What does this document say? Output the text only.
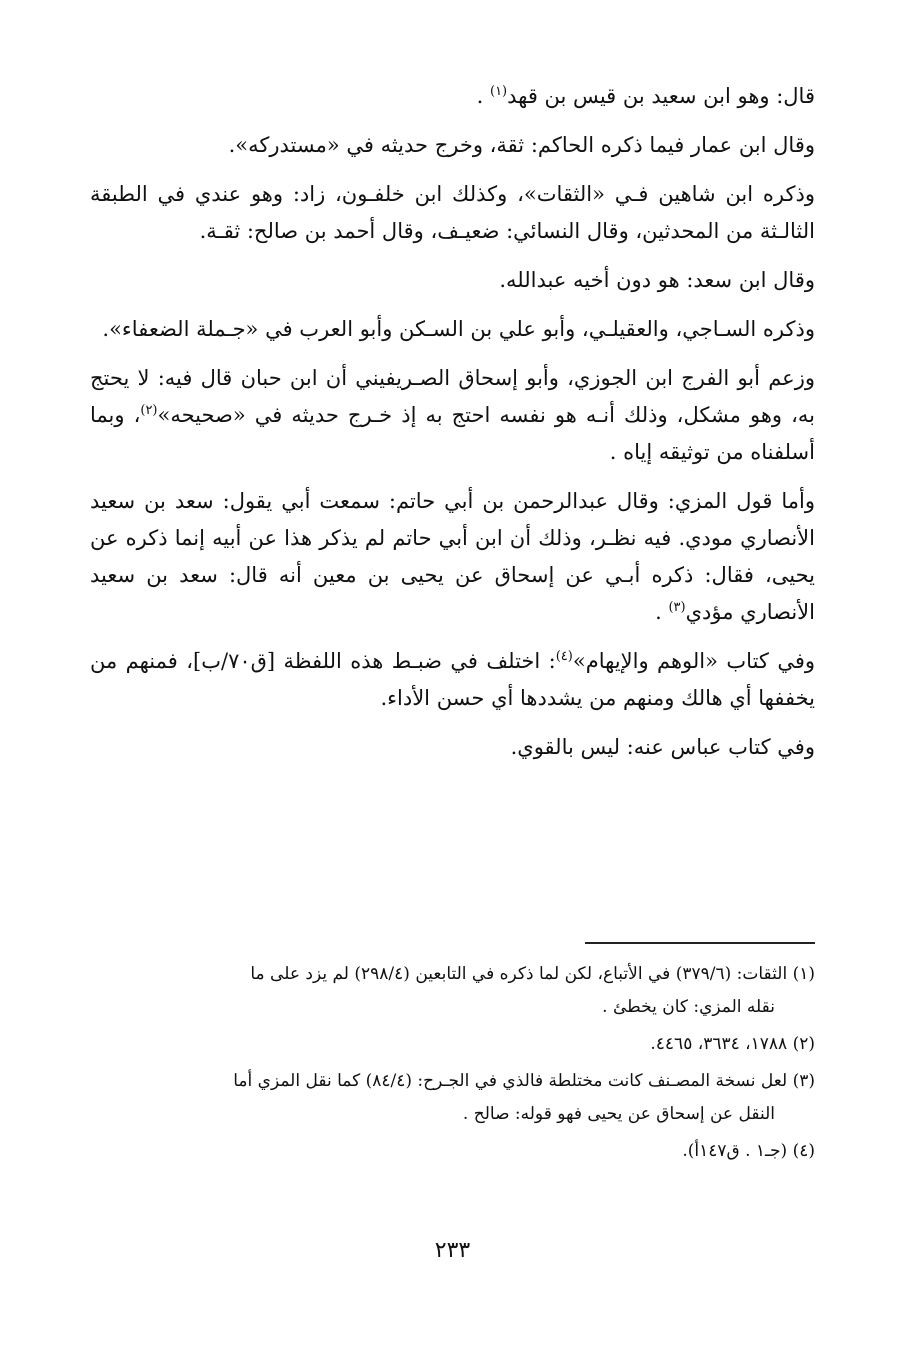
قال: وهو ابن سعيد بن قيس بن قهد$^{(١)}$ .

وقال ابن عمار فيما ذكره الحاكم: ثقة، وخرج حديثه في «مستدركه».

وذكره ابن شاهين فـي «الثقات»، وكذلك ابن خلفـون، زاد: وهو عندي في الطبقة الثالـثة من المحدثين، وقال النسائي: ضعيـف، وقال أحمد بن صالح: ثقـة.

وقال ابن سعد: هو دون أخيه عبدالله.

وذكره السـاجي، والعقيلـي، وأبو علي بن السـكن وأبو العرب في «جـملة الضعفاء».

وزعم أبو الفرج ابن الجوزي، وأبو إسحاق الصـريفيني أن ابن حبان قال فيه: لا يحتج به، وهو مشكل، وذلك أنـه هو نفسه احتج به إذ خـرج حديثه في «صحيحه»$^{(٢)}$، وبما أسلفناه من توثيقه إياه .

وأما قول المزي: وقال عبدالرحمن بن أبي حاتم: سمعت أبي يقول: سعد بن سعيد الأنصاري مودي. فيه نظـر، وذلك أن ابن أبي حاتم لم يذكر هذا عن أبيه إنما ذكره عن يحيى، فقال: ذكره أبـي عن إسحاق عن يحيى بن معين أنه قال: سعد بن سعيد الأنصاري مؤدي$^{(٣)}$ .

وفي كتاب «الوهم والإيهام»$^{(٤)}$: اختلف في ضبـط هذه اللفظة [ق٧٠/ب]، فمنهم من يخففها أي هالك ومنهم من يشددها أي حسن الأداء.

وفي كتاب عباس عنه: ليس بالقوي.

(١) الثقات: (٣٧٩/٦) في الأتباع، لكن لما ذكره في التابعين (٢٩٨/٤) لم يزد على ما
نقله المزي: كان يخطئ .

(٢) ١٧٨٨، ٣٦٣٤، ٤٤٦٥.

(٣) لعل نسخة المصـنف كانت مختلطة فالذي في الجـرح: (٨٤/٤) كما نقل المزي أما
النقل عن إسحاق عن يحيى فهو قوله: صالح .

(٤) (جـ١ . ق١٤٧أ).

٢٣٣
